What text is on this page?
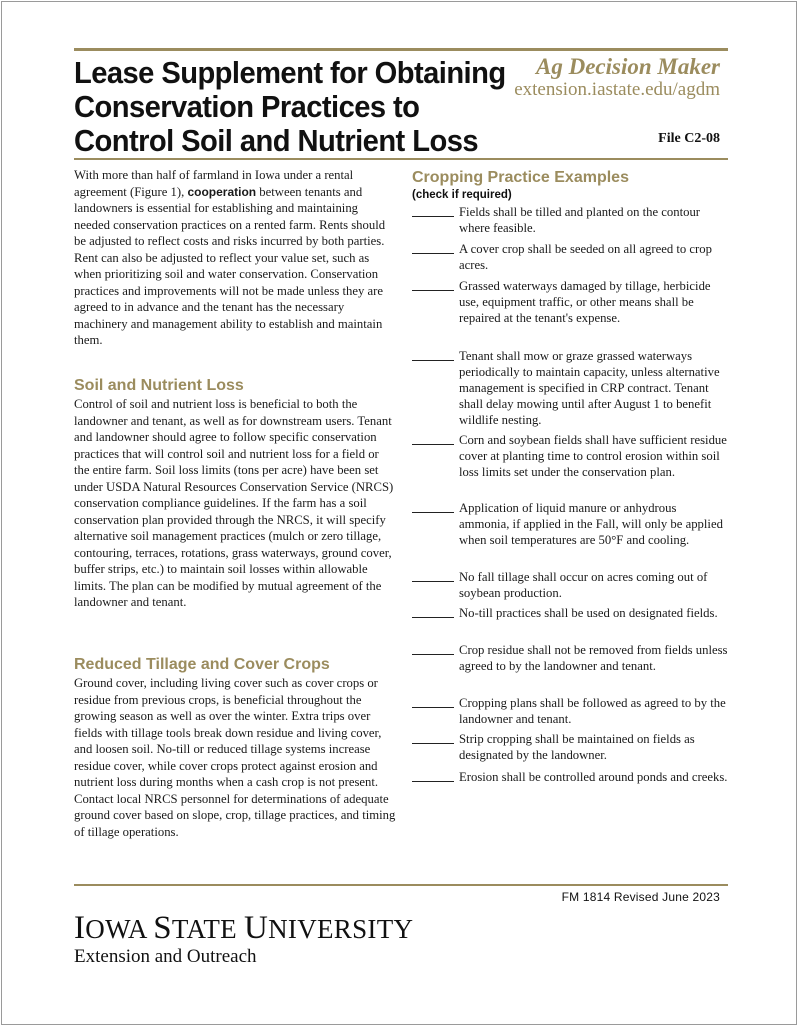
Lease Supplement for Obtaining
Conservation Practices to
Control Soil and Nutrient Loss
Ag Decision Maker
extension.iastate.edu/agdm
File C2-08

With more than half of farmland in Iowa under a rental agreement (Figure 1), cooperation between tenants and landowners is essential for establishing and maintaining needed conservation practices on a rented farm. Rents should be adjusted to reflect costs and risks incurred by both parties. Rent can also be adjusted to reflect your value set, such as when prioritizing soil and water conservation. Conservation practices and improvements will not be made unless they are agreed to in advance and the tenant has the necessary machinery and management ability to establish and maintain them.

Soil and Nutrient Loss

Control of soil and nutrient loss is beneficial to both the landowner and tenant, as well as for downstream users. Tenant and landowner should agree to follow specific conservation practices that will control soil and nutrient loss for a field or the entire farm. Soil loss limits (tons per acre) have been set under USDA Natural Resources Conservation Service (NRCS) conservation compliance guidelines. If the farm has a soil conservation plan provided through the NRCS, it will specify alternative soil management practices (mulch or zero tillage, contouring, terraces, rotations, grass waterways, ground cover, buffer strips, etc.) to maintain soil losses within allowable limits. The plan can be modified by mutual agreement of the landowner and tenant.

Reduced Tillage and Cover Crops

Ground cover, including living cover such as cover crops or residue from previous crops, is beneficial throughout the growing season as well as over the winter. Extra trips over fields with tillage tools break down residue and living cover, and loosen soil. No-till or reduced tillage systems increase residue cover, while cover crops protect against erosion and nutrient loss during months when a cash crop is not present. Contact local NRCS personnel for determinations of adequate ground cover based on slope, crop, tillage practices, and timing of tillage operations.

Cropping Practice Examples
(check if required)
Fields shall be tilled and planted on the contour where feasible.
A cover crop shall be seeded on all agreed to crop acres.
Grassed waterways damaged by tillage, herbicide use, equipment traffic, or other means shall be repaired at the tenant's expense.
Tenant shall mow or graze grassed waterways periodically to maintain capacity, unless alternative management is specified in CRP contract. Tenant shall delay mowing until after August 1 to benefit wildlife nesting.
Corn and soybean fields shall have sufficient residue cover at planting time to control erosion within soil loss limits set under the conservation plan.
Application of liquid manure or anhydrous ammonia, if applied in the Fall, will only be applied when soil temperatures are 50°F and cooling.
No fall tillage shall occur on acres coming out of soybean production.
No-till practices shall be used on designated fields.
Crop residue shall not be removed from fields unless agreed to by the landowner and tenant.
Cropping plans shall be followed as agreed to by the landowner and tenant.
Strip cropping shall be maintained on fields as designated by the landowner.
Erosion shall be controlled around ponds and creeks.
FM 1814 Revised June 2023
IOWA STATE UNIVERSITY
Extension and Outreach
